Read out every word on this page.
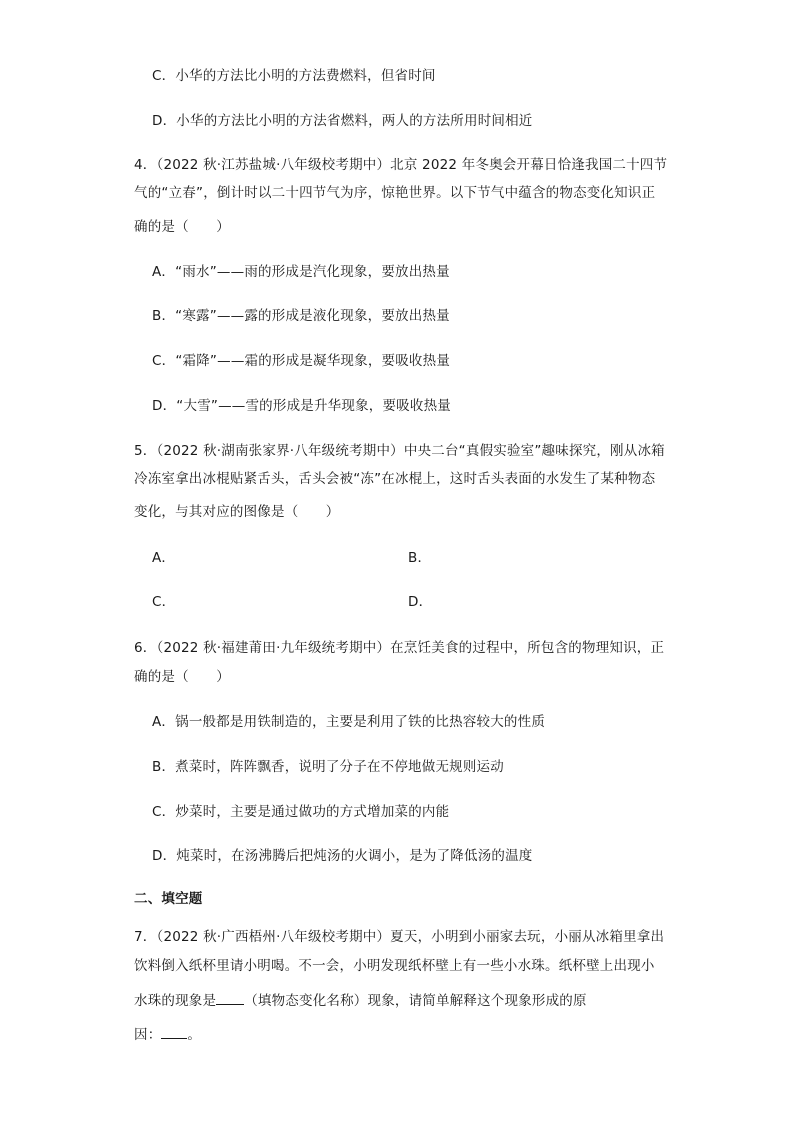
C．小华的方法比小明的方法费燃料，但省时间
D．小华的方法比小明的方法省燃料，两人的方法所用时间相近
4．（2022 秋·江苏盐城·八年级校考期中）北京 2022 年冬奥会开幕日恰逢我国二十四节
气的“立春”，倒计时以二十四节气为序，惊艳世界。以下节气中蕴含的物态变化知识正
确的是（　　）
A．“雨水”——雨的形成是汽化现象，要放出热量
B．“寒露”——露的形成是液化现象，要放出热量
C．“霜降”——霜的形成是凝华现象，要吸收热量
D．“大雪”——雪的形成是升华现象，要吸收热量
5．（2022 秋·湖南张家界·八年级统考期中）中央二台“真假实验室”趣味探究，刚从冰箱
冷冻室拿出冰棍贴紧舌头，舌头会被“冻”在冰棍上，这时舌头表面的水发生了某种物态
变化，与其对应的图像是（　　）
A．	B．
C．	D．
6．（2022 秋·福建莆田·九年级统考期中）在烹饪美食的过程中，所包含的物理知识，正
确的是（　　）
A．锅一般都是用铁制造的，主要是利用了铁的比热容较大的性质
B．煮菜时，阵阵飘香，说明了分子在不停地做无规则运动
C．炒菜时，主要是通过做功的方式增加菜的内能
D．炖菜时，在汤沸腾后把炖汤的火调小，是为了降低汤的温度
二、填空题
7．（2022 秋·广西梧州·八年级校考期中）夏天，小明到小丽家去玩，小丽从冰箱里拿出
饮料倒入纸杯里请小明喝。不一会，小明发现纸杯壁上有一些小水珠。纸杯壁上出现小
水珠的现象是 （填物态变化名称）现象，请简单解释这个现象形成的原
因： 。
